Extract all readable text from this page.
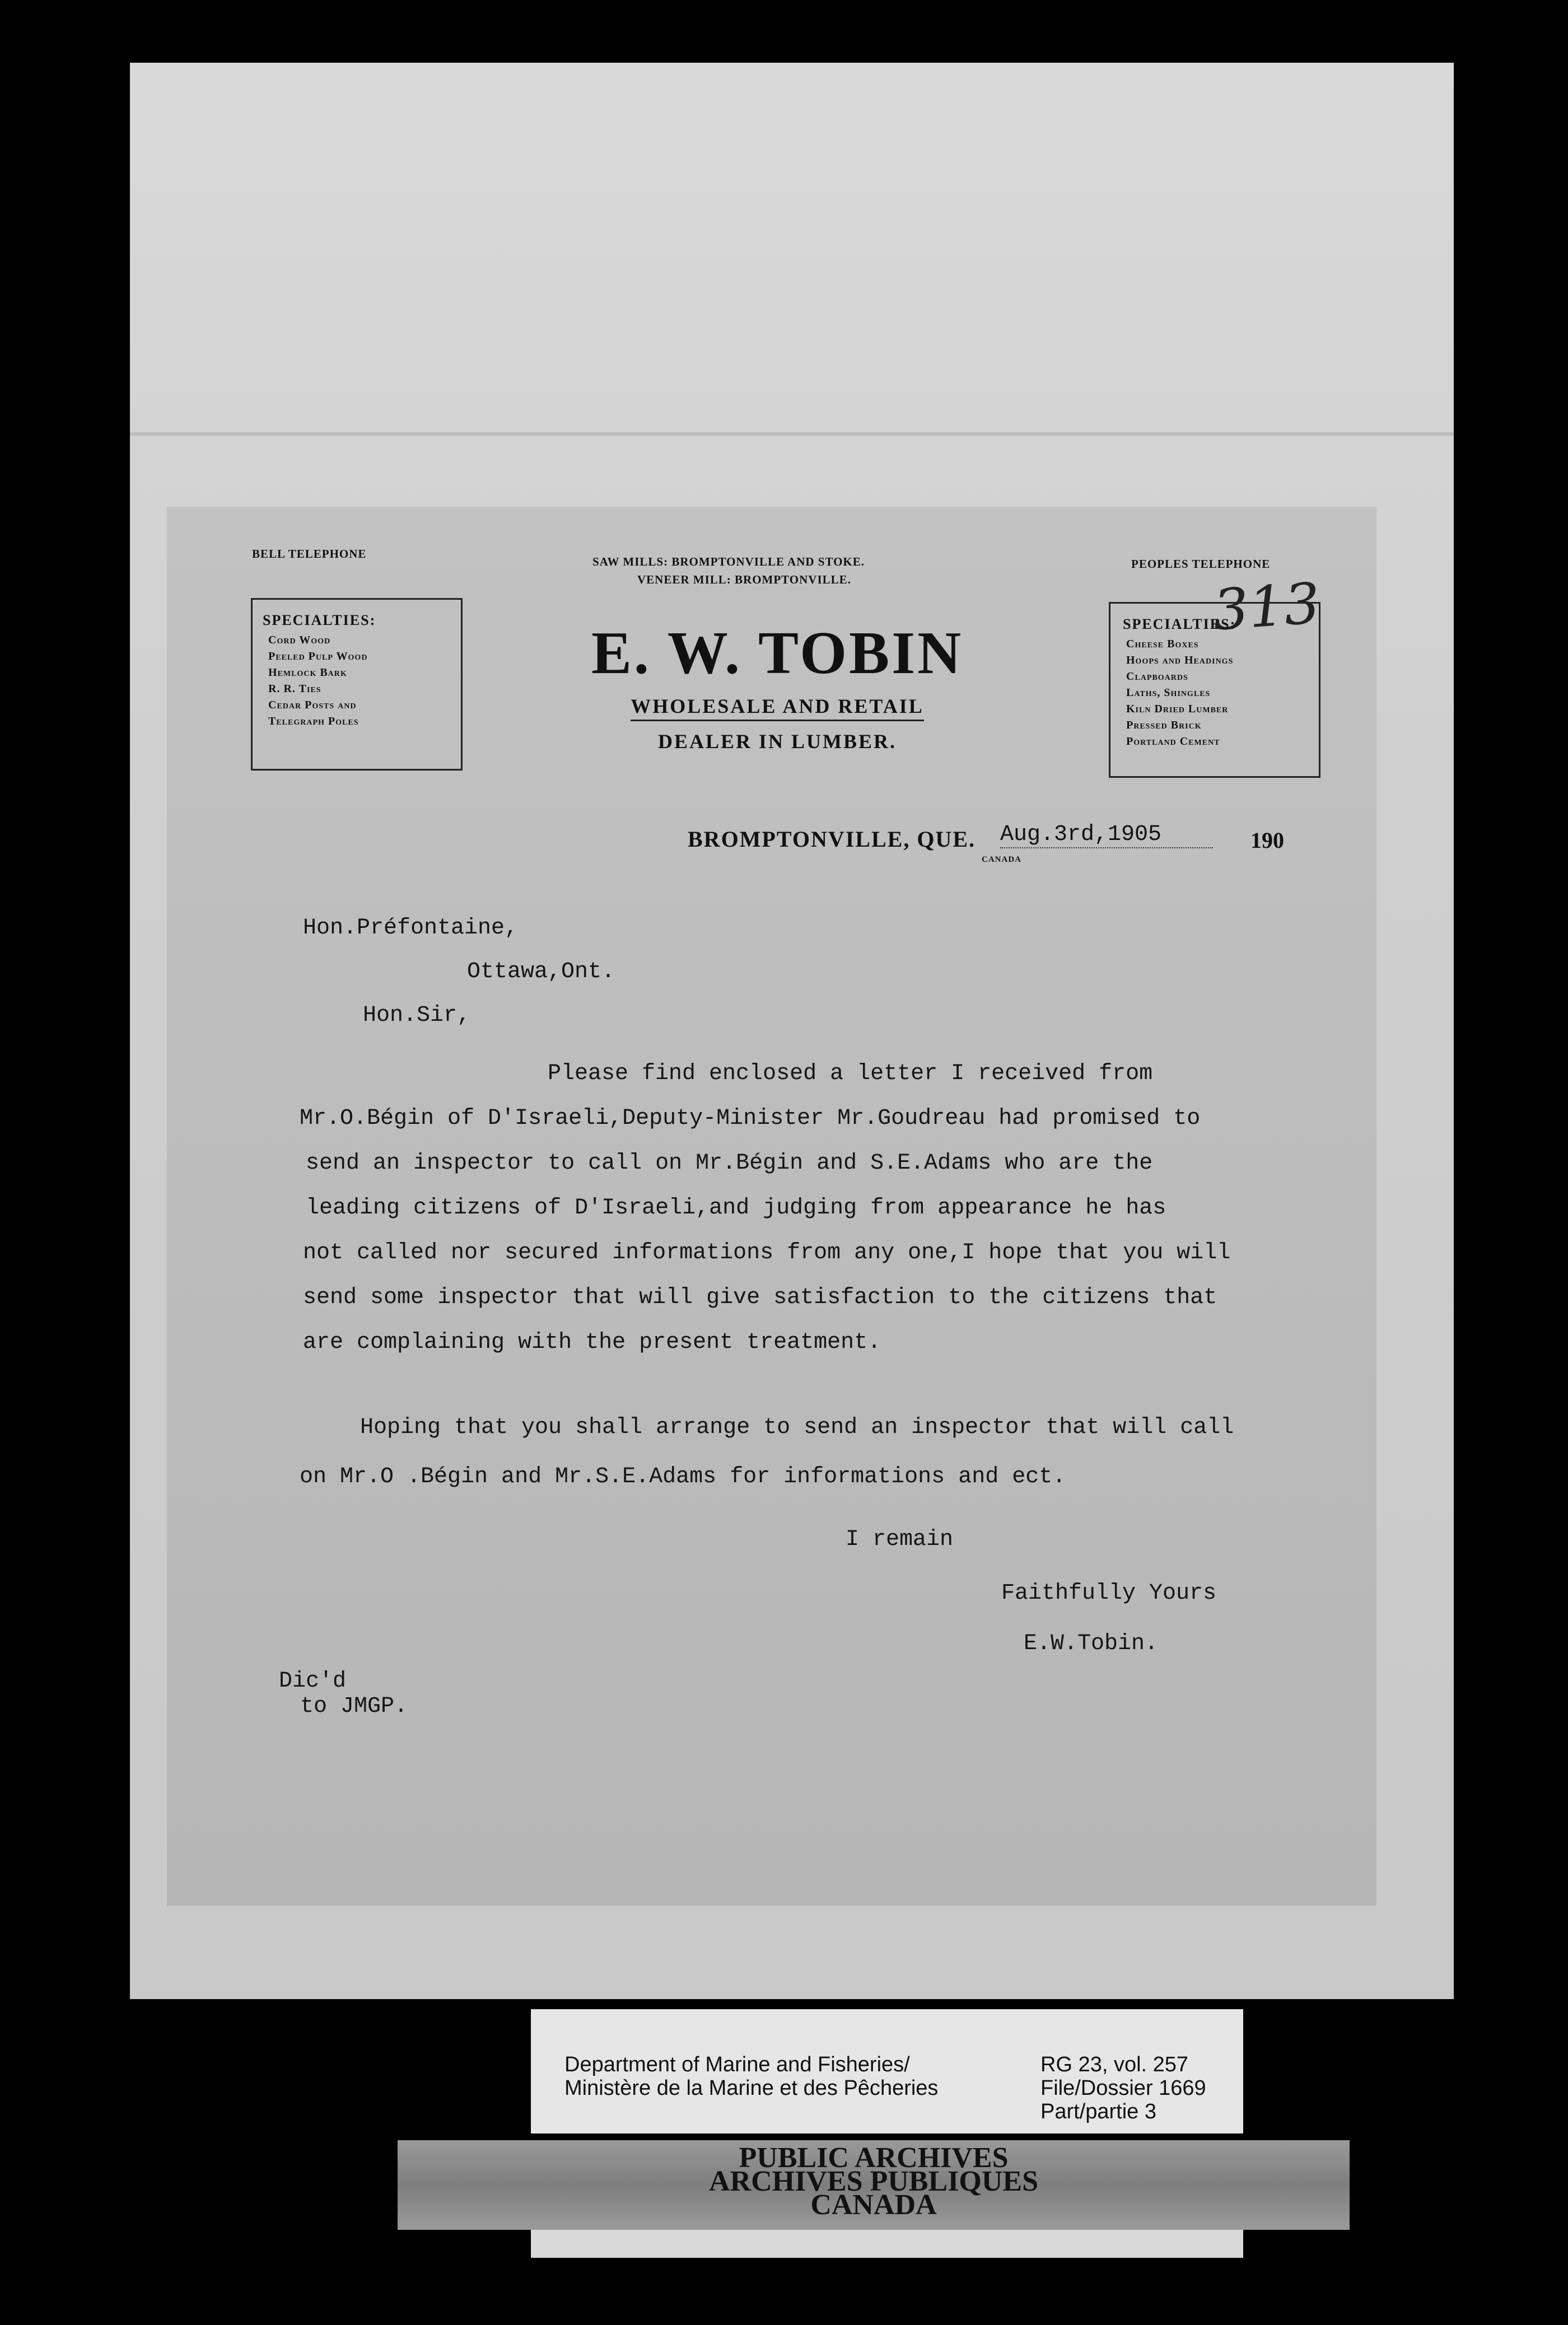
BELL TELEPHONE
SAW MILLS: BROMPTONVILLE AND STOKE.
VENEER MILL: BROMPTONVILLE.
PEOPLES TELEPHONE
313
SPECIALTIES:
Cord Wood
Peeled Pulp Wood
Hemlock Bark
R. R. Ties
Cedar Posts and
Telegraph Poles
E. W. TOBIN
WHOLESALE AND RETAIL
DEALER IN LUMBER.
SPECIALTIES:
Cheese Boxes
Hoops and Headings
Clapboards
Laths, Shingles
Kiln Dried Lumber
Pressed Brick
Portland Cement
BROMPTONVILLE, QUE. Aug.3rd,1905	190
CANADA
Hon.Préfontaine,
Ottawa,Ont.
Hon.Sir,
Please find enclosed a letter I received from
Mr.O.Bégin of D'Israeli,Deputy-Minister Mr.Goudreau had promised to
send an inspector to call on Mr.Bégin and S.E.Adams who are the
leading citizens of D'Israeli,and judging from appearance he has
not called nor secured informations from any one,I hope that you will
send some inspector that will give satisfaction to the citizens that
are complaining with the present treatment.
Hoping that you shall arrange to send an inspector that will call
on Mr.O .Bégin and Mr.S.E.Adams for informations and ect.
I remain
Faithfully Yours
E.W.Tobin.
Dic'd
to JMGP.
Department of Marine and Fisheries/
Ministère de la Marine et des Pêcheries
RG 23, vol. 257
File/Dossier 1669
Part/partie 3
PUBLIC ARCHIVES
ARCHIVES PUBLIQUES
CANADA
